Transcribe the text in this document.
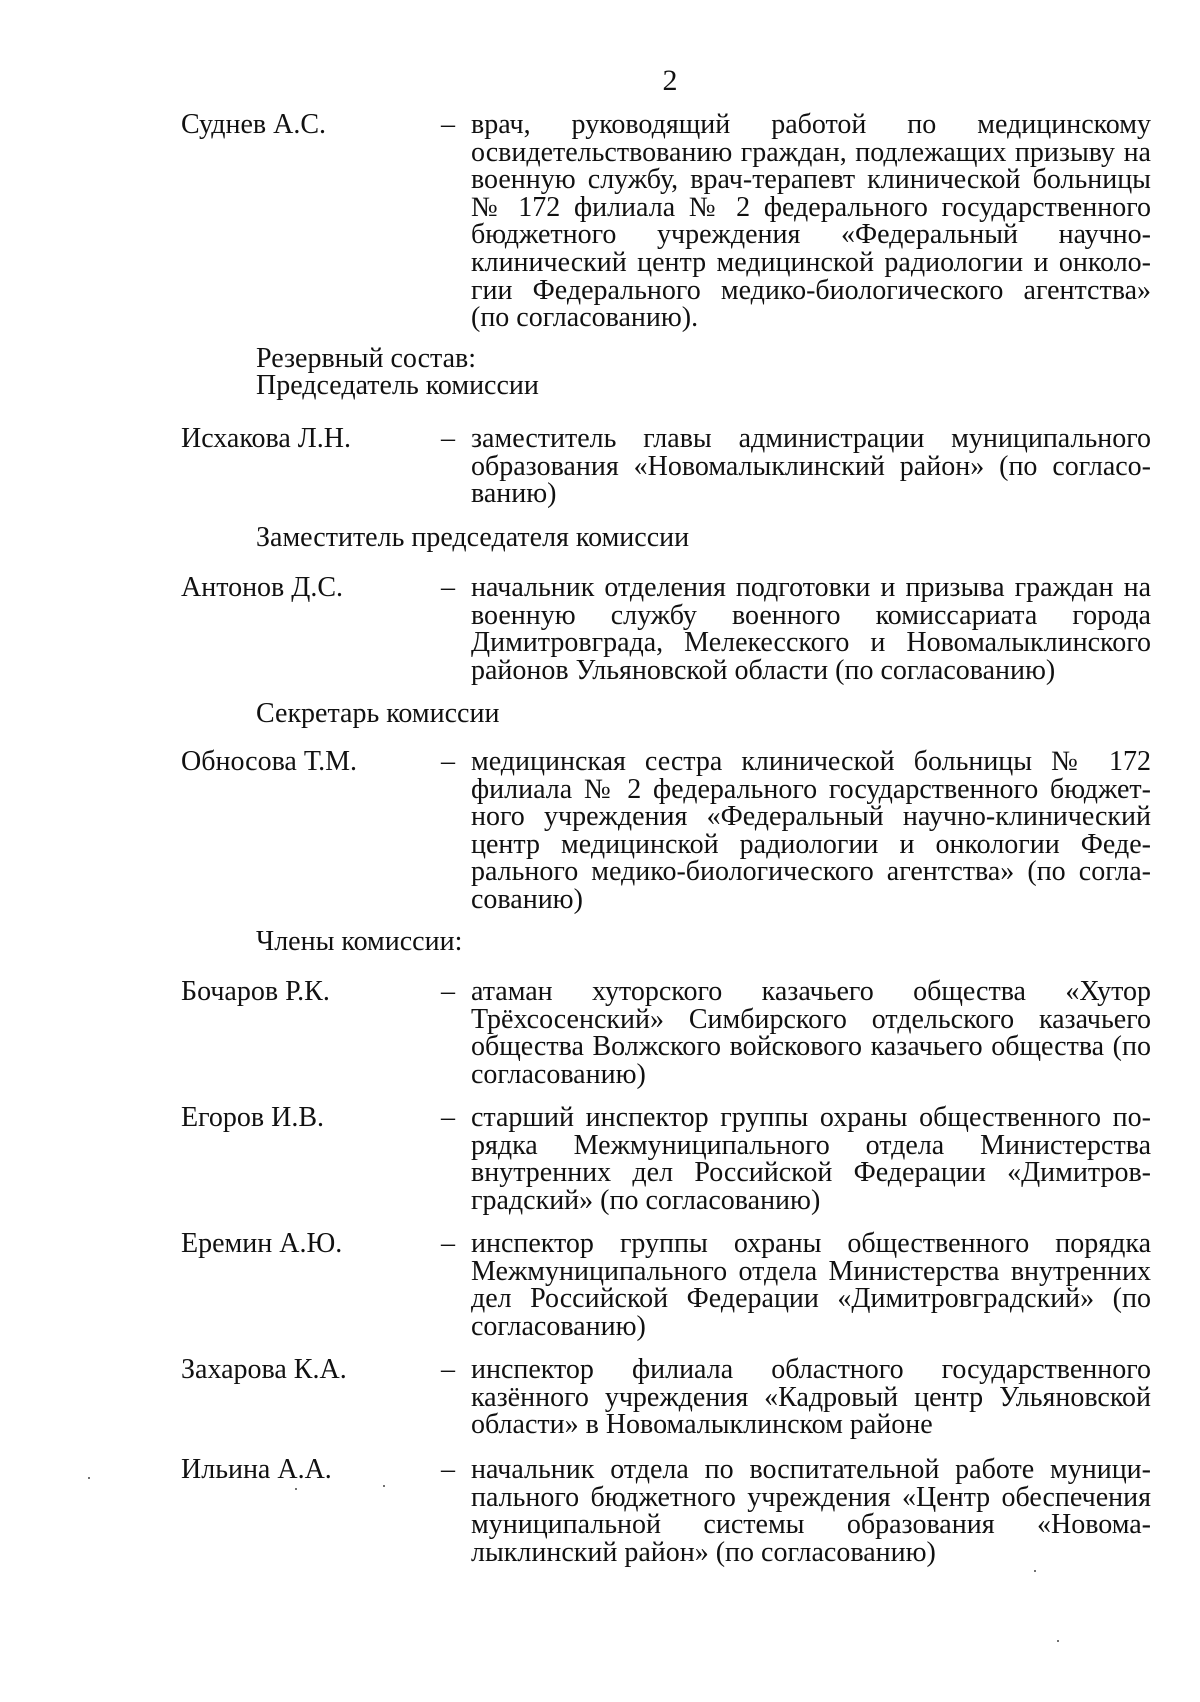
2
Суднев А.С.	– врач, руководящий работой по медицинскому освидетельствованию граждан, подлежащих призыву на военную службу, врач-терапевт клинической больницы № 172 филиала № 2 федерального государственного бюджетного учреждения «Федеральный научно-клинический центр медицинской радиологии и онкологии Федерального медико-биологического агентства» (по согласованию).
Резервный состав:
Председатель комиссии
Исхакова Л.Н.	– заместитель главы администрации муниципального образования «Новомалыклинский район» (по согласованию)
Заместитель председателя комиссии
Антонов Д.С.	– начальник отделения подготовки и призыва граждан на военную службу военного комиссариата города Димитровграда, Мелекесского и Новомалыклинского районов Ульяновской области (по согласованию)
Секретарь комиссии
Обносова Т.М.	– медицинская сестра клинической больницы № 172 филиала № 2 федерального государственного бюджетного учреждения «Федеральный научно-клинический центр медицинской радиологии и онкологии Федерального медико-биологического агентства» (по согласованию)
Члены комиссии:
Бочаров Р.К.	– атаман хуторского казачьего общества «Хутор Трёхсосенский» Симбирского отдельского казачьего общества Волжского войскового казачьего общества (по согласованию)
Егоров И.В.	– старший инспектор группы охраны общественного порядка Межмуниципального отдела Министерства внутренних дел Российской Федерации «Димитровградский» (по согласованию)
Еремин А.Ю.	– инспектор группы охраны общественного порядка Межмуниципального отдела Министерства внутренних дел Российской Федерации «Димитровградский» (по согласованию)
Захарова К.А.	– инспектор филиала областного государственного казённого учреждения «Кадровый центр Ульяновской области» в Новомалыклинском районе
Ильина А.А.	– начальник отдела по воспитательной работе муниципального бюджетного учреждения «Центр обеспечения муниципальной системы образования «Новомалыклинский район» (по согласованию)
